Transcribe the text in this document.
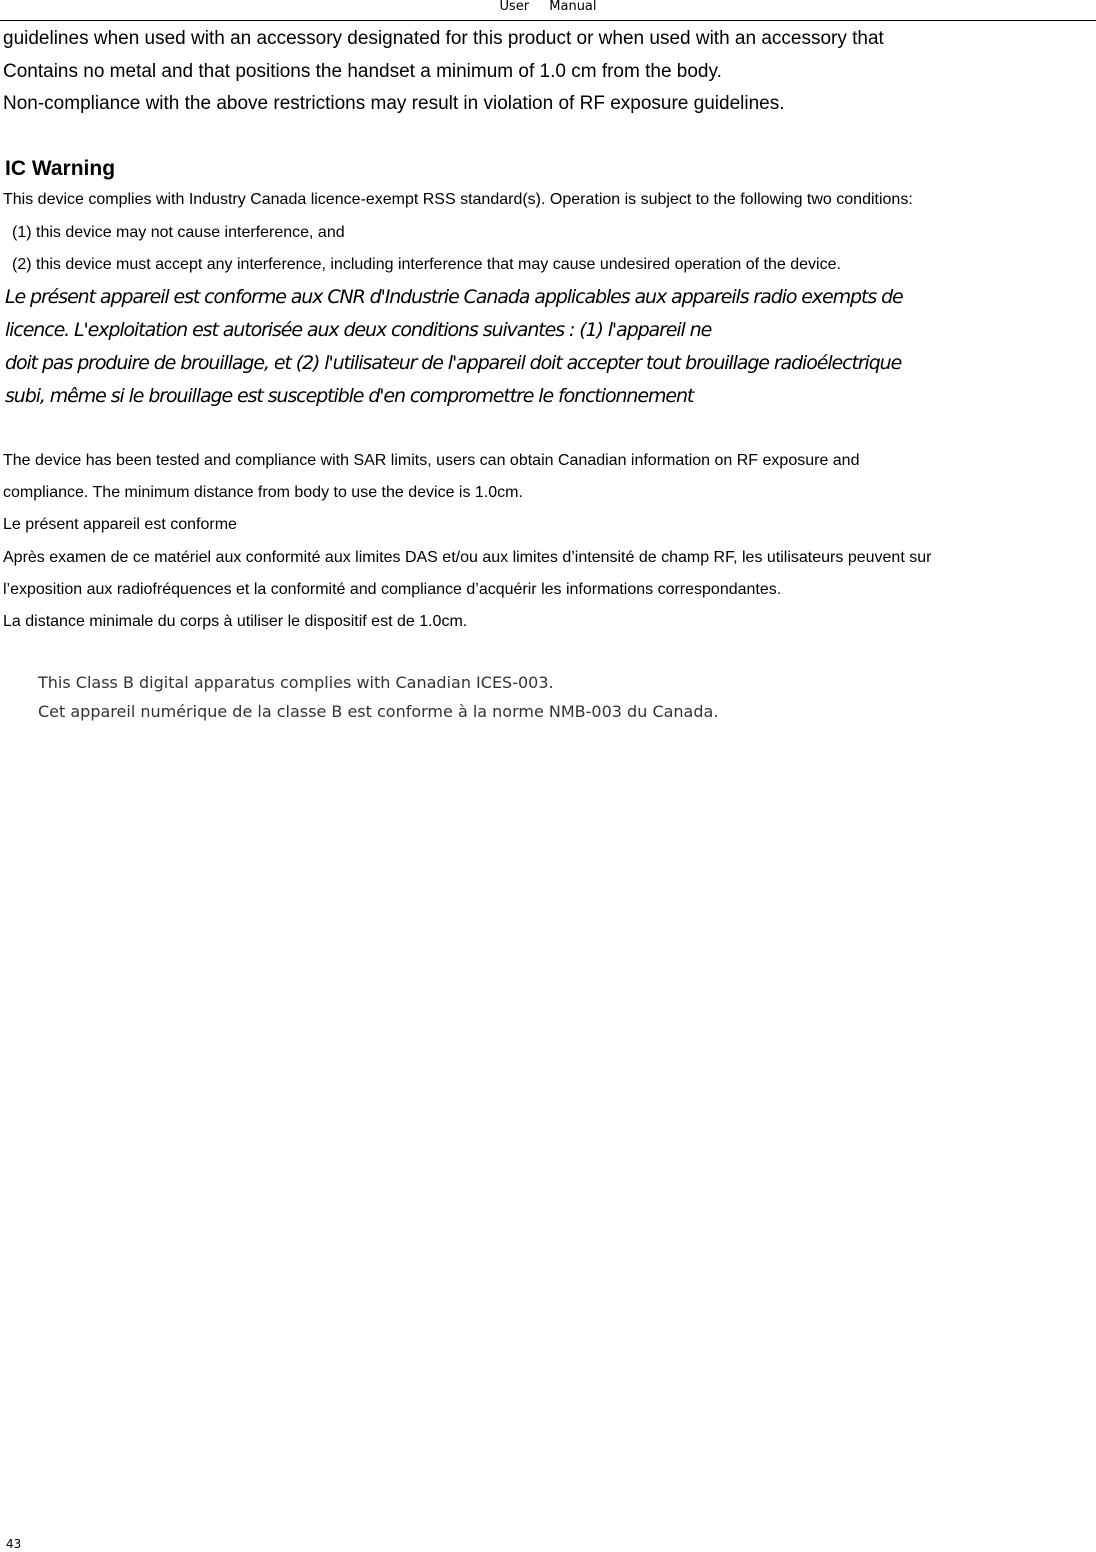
User Manual
guidelines when used with an accessory designated for this product or when used with an accessory that
Contains no metal and that positions the handset a minimum of 1.0 cm from the body.
Non-compliance with the above restrictions may result in violation of RF exposure guidelines.
IC Warning
This device complies with Industry Canada licence-exempt RSS standard(s). Operation is subject to the following two conditions:
(1) this device may not cause interference, and
(2) this device must accept any interference, including interference that may cause undesired operation of the device.
Le présent appareil est conforme aux CNR d'Industrie Canada applicables aux appareils radio exempts de
licence. L'exploitation est autorisée aux deux conditions suivantes : (1) l'appareil ne
doit pas produire de brouillage, et (2) l'utilisateur de l'appareil doit accepter tout brouillage radioélectrique
subi, même si le brouillage est susceptible d'en compromettre le fonctionnement
The device has been tested and compliance with SAR limits, users can obtain Canadian information on RF exposure and
compliance. The minimum distance from body to use the device is 1.0cm.
Le présent appareil est conforme
Après examen de ce matériel aux conformité aux limites DAS et/ou aux limites d’intensité de champ RF, les utilisateurs peuvent sur
l’exposition aux radiofréquences et la conformité and compliance d’acquérir les informations correspondantes.
La distance minimale du corps à utiliser le dispositif est de 1.0cm.
This Class B digital apparatus complies with Canadian ICES-003.
Cet appareil numérique de la classe B est conforme à la norme NMB-003 du Canada.
43
